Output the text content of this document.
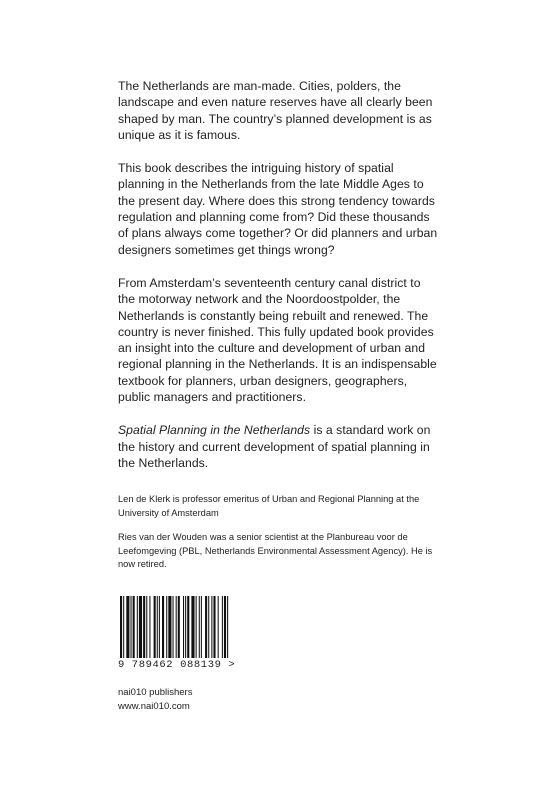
The Netherlands are man-made. Cities, polders, the landscape and even nature reserves have all clearly been shaped by man. The country’s planned development is as unique as it is famous.

This book describes the intriguing history of spatial planning in the Netherlands from the late Middle Ages to the present day. Where does this strong tendency towards regulation and planning come from? Did these thousands of plans always come together? Or did planners and urban designers sometimes get things wrong?

From Amsterdam’s seventeenth century canal district to the motorway network and the Noordoostpolder, the Netherlands is constantly being rebuilt and renewed. The country is never finished. This fully updated book provides an insight into the culture and development of urban and regional planning in the Netherlands. It is an indispensable textbook for planners, urban designers, geographers, public managers and practitioners.

Spatial Planning in the Netherlands is a standard work on the history and current development of spatial planning in the Netherlands.

Len de Klerk is professor emeritus of Urban and Regional Planning at the University of Amsterdam

Ries van der Wouden was a senior scientist at the Planbureau voor de Leefomgeving (PBL, Netherlands Environmental Assessment Agency). He is now retired.

9 789462 088139 >
nai010 publishers
www.nai010.com
